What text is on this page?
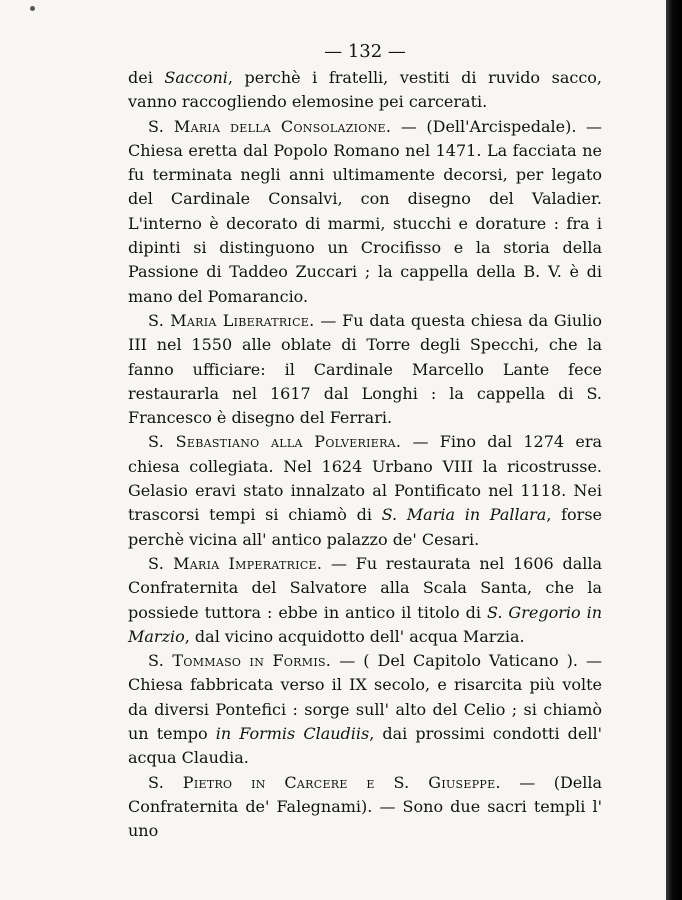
— 132 —

dei Sacconi, perchè i fratelli, vestiti di ruvido sacco, vanno raccogliendo elemosine pei carcerati.

S. Maria della Consolazione. — (Dell'Arcispedale). — Chiesa eretta dal Popolo Romano nel 1471. La facciata ne fu terminata negli anni ultimamente decorsi, per legato del Cardinale Consalvi, con disegno del Valadier. L'interno è decorato di marmi, stucchi e dorature : fra i dipinti si distinguono un Crocifisso e la storia della Passione di Taddeo Zuccari ; la cappella della B. V. è di mano del Pomarancio.

S. Maria Liberatrice. — Fu data questa chiesa da Giulio III nel 1550 alle oblate di Torre degli Specchi, che la fanno ufficiare: il Cardinale Marcello Lante fece restaurarla nel 1617 dal Longhi : la cappella di S. Francesco è disegno del Ferrari.

S. Sebastiano alla Polveriera. — Fino dal 1274 era chiesa collegiata. Nel 1624 Urbano VIII la ricostrusse. Gelasio eravi stato innalzato al Pontificato nel 1118. Nei trascorsi tempi si chiamò di S. Maria in Pallara, forse perchè vicina all' antico palazzo de' Cesari.

S. Maria Imperatrice. — Fu restaurata nel 1606 dalla Confraternita del Salvatore alla Scala Santa, che la possiede tuttora : ebbe in antico il titolo di S. Gregorio in Marzio, dal vicino acquidotto dell' acqua Marzia.

S. Tommaso in Formis. — ( Del Capitolo Vaticano ). — Chiesa fabbricata verso il IX secolo, e risarcita più volte da diversi Pontefici : sorge sull' alto del Celio ; si chiamò un tempo in Formis Claudiis, dai prossimi condotti dell' acqua Claudia.

S. Pietro in Carcere e S. Giuseppe. — (Della Confraternita de' Falegnami). — Sono due sacri templi l' uno
